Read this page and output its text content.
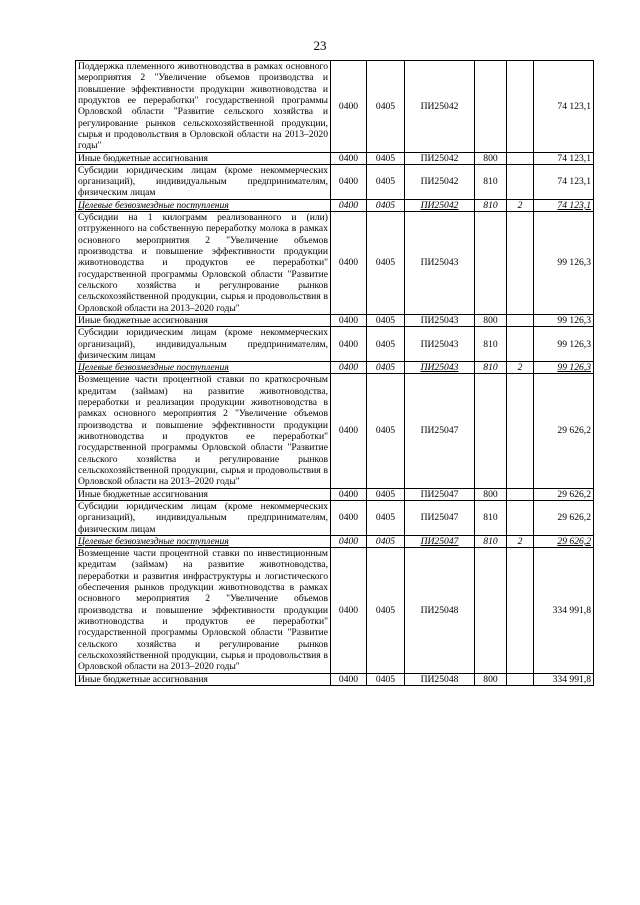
23
Поддержка племенного животноводства в рамках основного мероприятия 2 "Увеличение объемов производства и повышение эффективности продукции животноводства и продуктов ее переработки" государственной программы Орловской области "Развитие сельского хозяйства и регулирование рынков сельскохозяйственной продукции, сырья и продовольствия в Орловской области на 2013–2020 годы"	0400	0405	ПИ25042			74 123,1
Иные бюджетные ассигнования	0400	0405	ПИ25042	800		74 123,1
Субсидии юридическим лицам (кроме некоммерческих организаций), индивидуальным предпринимателям, физическим лицам	0400	0405	ПИ25042	810		74 123,1
Целевые безвозмездные поступления	0400	0405	ПИ25042	810	2	74 123,1
Субсидии на 1 килограмм реализованного и (или) отгруженного на собственную переработку молока в рамках основного мероприятия 2 "Увеличение объемов производства и повышение эффективности продукции животноводства и продуктов ее переработки" государственной программы Орловской области "Развитие сельского хозяйства и регулирование рынков сельскохозяйственной продукции, сырья и продовольствия в Орловской области на 2013–2020 годы"	0400	0405	ПИ25043			99 126,3
Иные бюджетные ассигнования	0400	0405	ПИ25043	800		99 126,3
Субсидии юридическим лицам (кроме некоммерческих организаций), индивидуальным предпринимателям, физическим лицам	0400	0405	ПИ25043	810		99 126,3
Целевые безвозмездные поступления	0400	0405	ПИ25043	810	2	99 126,3
Возмещение части процентной ставки по краткосрочным кредитам (займам) на развитие животноводства, переработки и реализации продукции животноводства в рамках основного мероприятия 2 "Увеличение объемов производства и повышение эффективности продукции животноводства и продуктов ее переработки" государственной программы Орловской области "Развитие сельского хозяйства и регулирование рынков сельскохозяйственной продукции, сырья и продовольствия в Орловской области на 2013–2020 годы"	0400	0405	ПИ25047			29 626,2
Иные бюджетные ассигнования	0400	0405	ПИ25047	800		29 626,2
Субсидии юридическим лицам (кроме некоммерческих организаций), индивидуальным предпринимателям, физическим лицам	0400	0405	ПИ25047	810		29 626,2
Целевые безвозмездные поступления	0400	0405	ПИ25047	810	2	29 626,2
Возмещение части процентной ставки по инвестиционным кредитам (займам) на развитие животноводства, переработки и развития инфраструктуры и логистического обеспечения рынков продукции животноводства в рамках основного мероприятия 2 "Увеличение объемов производства и повышение эффективности продукции животноводства и продуктов ее переработки" государственной программы Орловской области "Развитие сельского хозяйства и регулирование рынков сельскохозяйственной продукции, сырья и продовольствия в Орловской области на 2013–2020 годы"	0400	0405	ПИ25048			334 991,8
Иные бюджетные ассигнования	0400	0405	ПИ25048	800		334 991,8
